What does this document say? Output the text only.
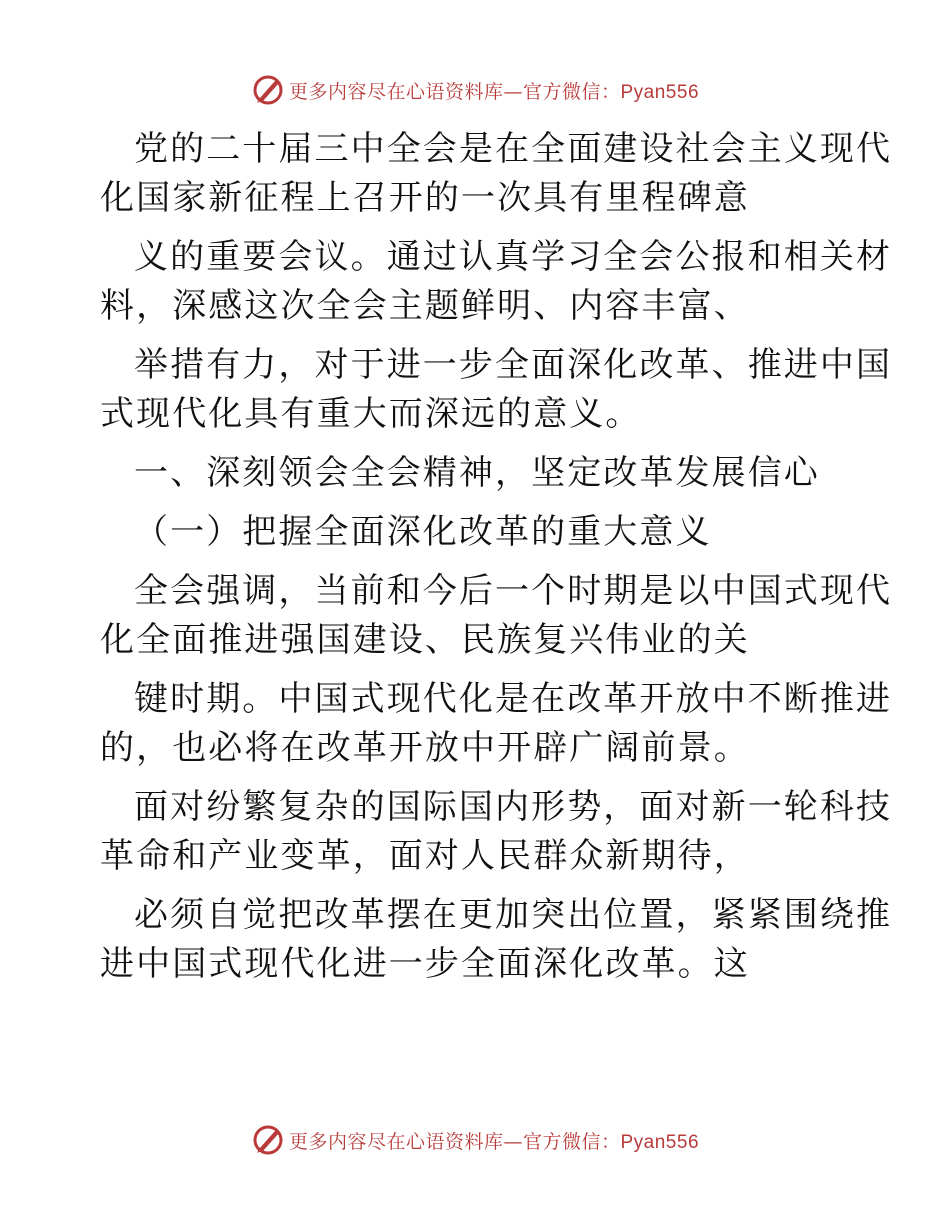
更多内容尽在心语资料库—官方微信：Pyan556
党的二十届三中全会是在全面建设社会主义现代
化国家新征程上召开的一次具有里程碑意
义的重要会议。通过认真学习全会公报和相关材
料，深感这次全会主题鲜明、内容丰富、
举措有力，对于进一步全面深化改革、推进中国
式现代化具有重大而深远的意义。
一、深刻领会全会精神，坚定改革发展信心
（一）把握全面深化改革的重大意义
全会强调，当前和今后一个时期是以中国式现代
化全面推进强国建设、民族复兴伟业的关
键时期。中国式现代化是在改革开放中不断推进
的，也必将在改革开放中开辟广阔前景。
面对纷繁复杂的国际国内形势，面对新一轮科技
革命和产业变革，面对人民群众新期待，
必须自觉把改革摆在更加突出位置，紧紧围绕推
进中国式现代化进一步全面深化改革。这
更多内容尽在心语资料库—官方微信：Pyan556
